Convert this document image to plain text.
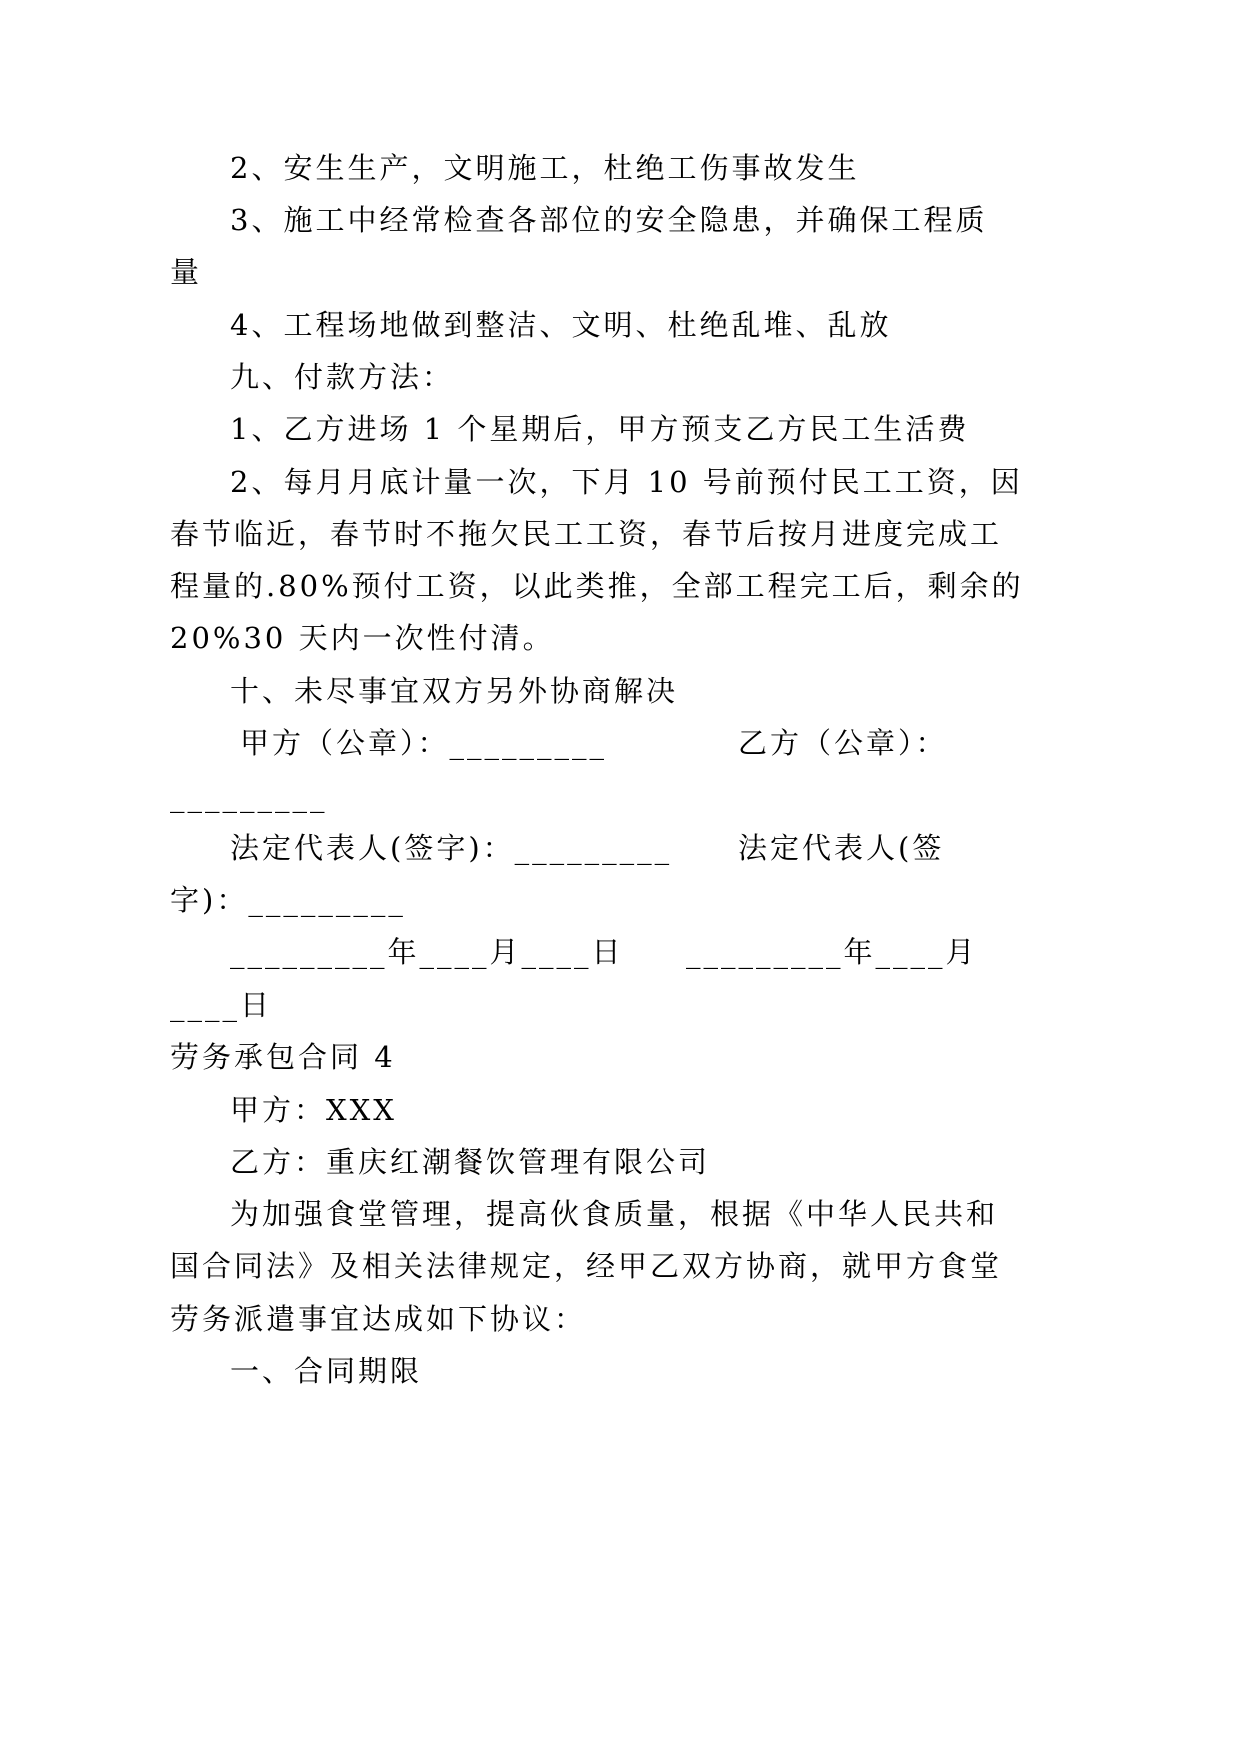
2、安生生产，文明施工，杜绝工伤事故发生
3、施工中经常检查各部位的安全隐患，并确保工程质
量
4、工程场地做到整洁、文明、杜绝乱堆、乱放
九、付款方法：
1、乙方进场 1 个星期后，甲方预支乙方民工生活费
2、每月月底计量一次，下月 10 号前预付民工工资，因
春节临近，春节时不拖欠民工工资，春节后按月进度完成工
程量的.80%预付工资，以此类推，全部工程完工后，剩余的
20%30 天内一次性付清。
十、未尽事宜双方另外协商解决
甲方（公章）：_________	乙方（公章）：
_________
法定代表人(签字)：_________ 法定代表人(签
字)：_________
_________年____月____日 _________年____月
____日
劳务承包合同 4
甲方：XXX
乙方：重庆红潮餐饮管理有限公司
为加强食堂管理，提高伙食质量，根据《中华人民共和
国合同法》及相关法律规定，经甲乙双方协商，就甲方食堂
劳务派遣事宜达成如下协议：
一、合同期限
